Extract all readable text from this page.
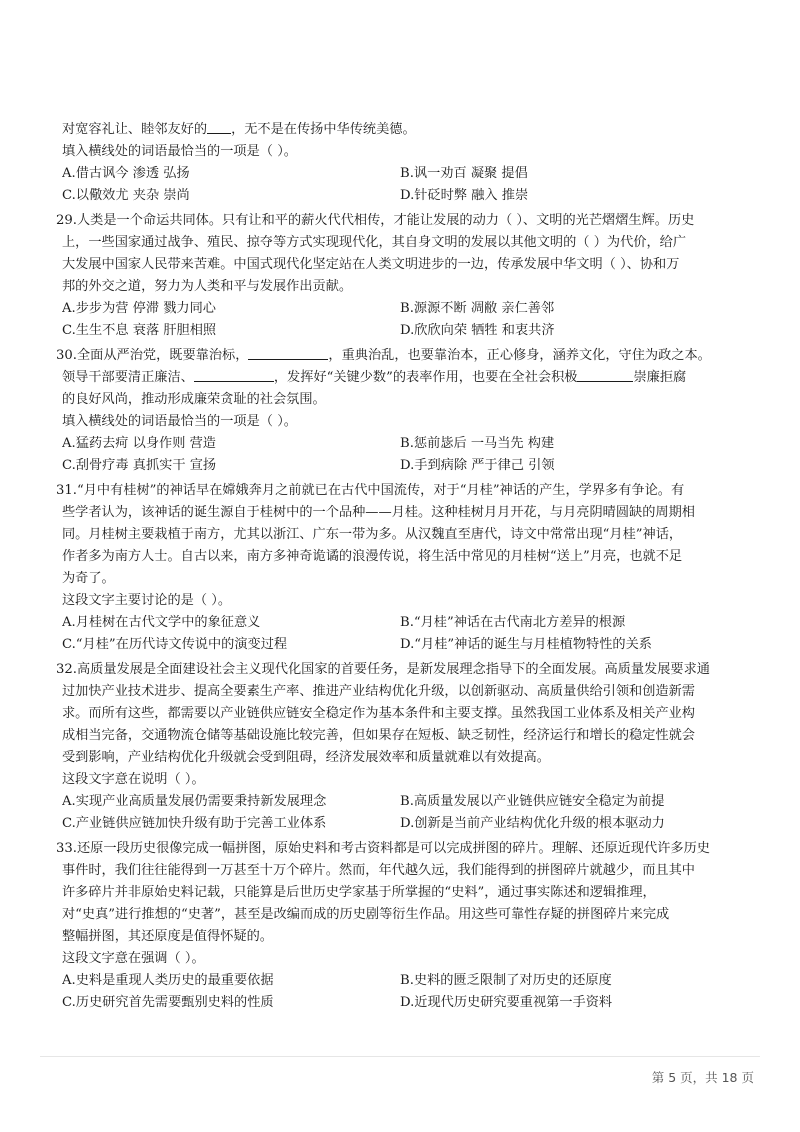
对宽容礼让、睦邻友好的 ，无不是在传扬中华传统美德。
填入横线处的词语最恰当的一项是（ ）。
A.借古讽今 渗透 弘扬	B.讽一劝百 凝聚 提倡
C.以儆效尤 夹杂 崇尚	D.针砭时弊 融入 推崇
29.人类是一个命运共同体。只有让和平的薪火代代相传，才能让发展的动力（ ）、文明的光芒熠熠生辉。历史
上，一些国家通过战争、殖民、掠夺等方式实现现代化，其自身文明的发展以其他文明的（ ）为代价，给广
大发展中国家人民带来苦难。中国式现代化坚定站在人类文明进步的一边，传承发展中华文明（ ）、协和万
邦的外交之道，努力为人类和平与发展作出贡献。
A.步步为营 停滞 戮力同心	B.源源不断 凋敝 亲仁善邻
C.生生不息 衰落 肝胆相照	D.欣欣向荣 牺牲 和衷共济
30.全面从严治党，既要靠治标，	，重典治乱，也要靠治本，正心修身，涵养文化，守住为政之本。
领导干部要清正廉洁、	，发挥好“关键少数”的表率作用，也要在全社会积极	崇廉拒腐
的良好风尚，推动形成廉荣贪耻的社会氛围。
填入横线处的词语最恰当的一项是（ ）。
A.猛药去疴 以身作则 营造	B.惩前毖后 一马当先 构建
C.刮骨疗毒 真抓实干 宣扬	D.手到病除 严于律己 引领
31.“月中有桂树”的神话早在嫦娥奔月之前就已在古代中国流传，对于“月桂”神话的产生，学界多有争论。有
些学者认为，该神话的诞生源自于桂树中的一个品种——月桂。这种桂树月月开花，与月亮阴晴圆缺的周期相
同。月桂树主要栽植于南方，尤其以浙江、广东一带为多。从汉魏直至唐代，诗文中常常出现“月桂”神话，
作者多为南方人士。自古以来，南方多神奇诡谲的浪漫传说，将生活中常见的月桂树“送上”月亮，也就不足
为奇了。
这段文字主要讨论的是（ ）。
A.月桂树在古代文学中的象征意义	B.“月桂”神话在古代南北方差异的根源
C.“月桂”在历代诗文传说中的演变过程	D.“月桂”神话的诞生与月桂植物特性的关系
32.高质量发展是全面建设社会主义现代化国家的首要任务，是新发展理念指导下的全面发展。高质量发展要求通
过加快产业技术进步、提高全要素生产率、推进产业结构优化升级，以创新驱动、高质量供给引领和创造新需
求。而所有这些，都需要以产业链供应链安全稳定作为基本条件和主要支撑。虽然我国工业体系及相关产业构
成相当完备，交通物流仓储等基础设施比较完善，但如果存在短板、缺乏韧性，经济运行和增长的稳定性就会
受到影响，产业结构优化升级就会受到阻碍，经济发展效率和质量就难以有效提高。
这段文字意在说明（ ）。
A.实现产业高质量发展仍需要秉持新发展理念	B.高质量发展以产业链供应链安全稳定为前提
C.产业链供应链加快升级有助于完善工业体系	D.创新是当前产业结构优化升级的根本驱动力
33.还原一段历史很像完成一幅拼图，原始史料和考古资料都是可以完成拼图的碎片。理解、还原近现代许多历史
事件时，我们往往能得到一万甚至十万个碎片。然而，年代越久远，我们能得到的拼图碎片就越少，而且其中
许多碎片并非原始史料记载，只能算是后世历史学家基于所掌握的“史料”，通过事实陈述和逻辑推理，
对“史真”进行推想的“史著”，甚至是改编而成的历史剧等衍生作品。用这些可靠性存疑的拼图碎片来完成
整幅拼图，其还原度是值得怀疑的。
这段文字意在强调（ ）。
A.史料是重现人类历史的最重要依据	B.史料的匮乏限制了对历史的还原度
C.历史研究首先需要甄别史料的性质	D.近现代历史研究要重视第一手资料
第 5 页，共 18 页
